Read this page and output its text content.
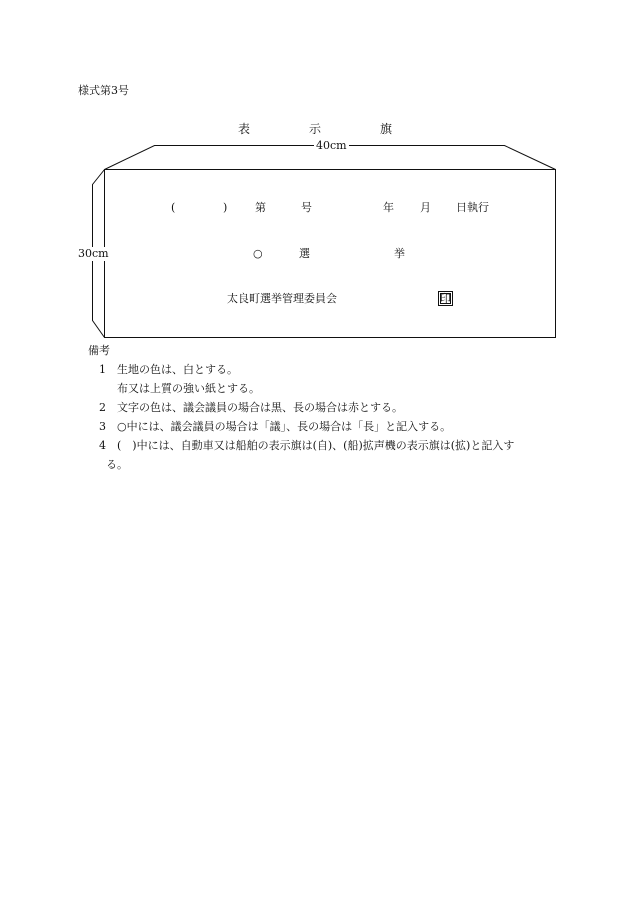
様式第3号
表	示	旗
40cm
30cm
(	)	第	号	年 月 日執行
○	選	挙
太良町選挙管理委員会	印
備考
1 生地の色は、白とする。
布又は上質の強い紙とする。
2 文字の色は、議会議員の場合は黒、長の場合は赤とする。
3 ○中には、議会議員の場合は「議」、長の場合は「長」と記入する。
4 (　)中には、自動車又は船舶の表示旗は(自)、(船)拡声機の表示旗は(拡)と記入す
る。
